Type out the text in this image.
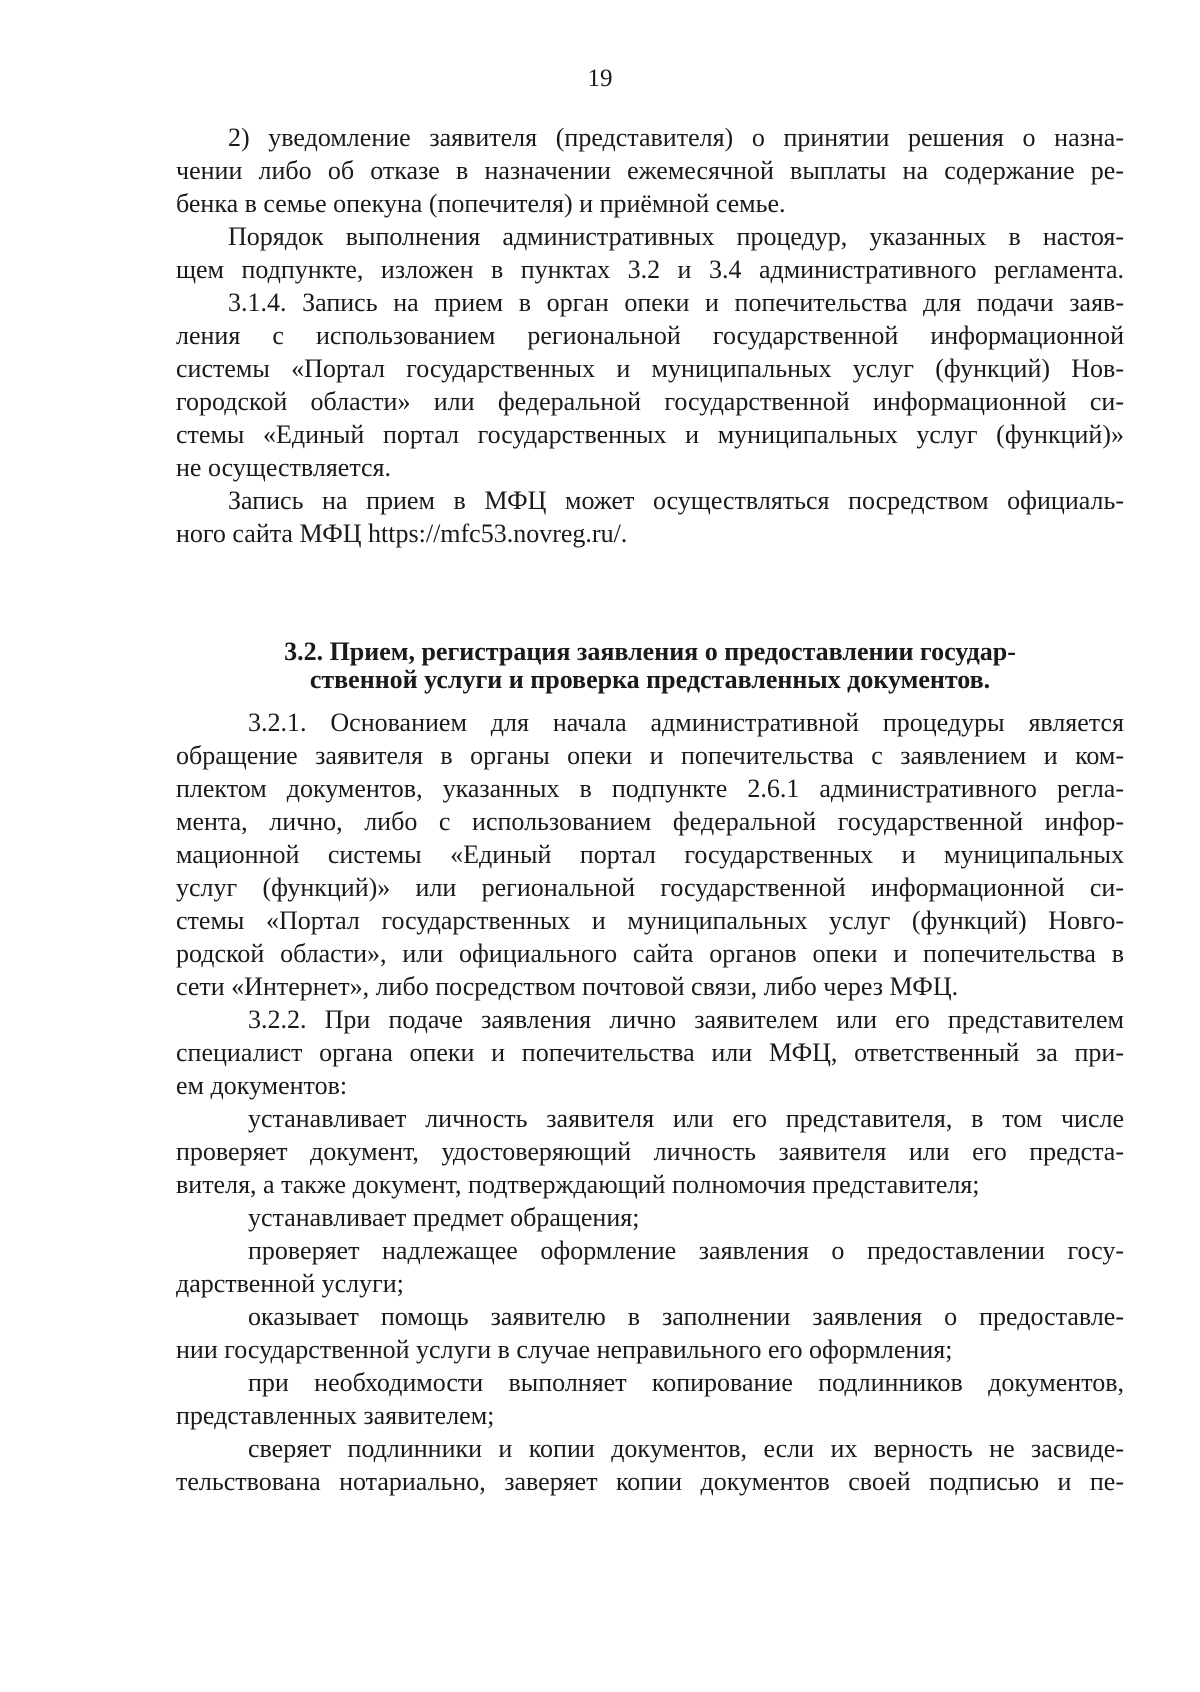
19
2) уведомление заявителя (представителя) о принятии решения о назна-
чении либо об отказе в назначении ежемесячной выплаты на содержание ре-
бенка в семье опекуна (попечителя) и приёмной семье.
Порядок выполнения административных процедур, указанных в настоя-
щем подпункте, изложен в пунктах 3.2 и 3.4 административного регламента.
3.1.4. Запись на прием в орган опеки и попечительства для подачи заяв-
ления с использованием региональной государственной информационной
системы «Портал государственных и муниципальных услуг (функций) Нов-
городской области» или федеральной государственной информационной си-
стемы «Единый портал государственных и муниципальных услуг (функций)»
не осуществляется.
Запись на прием в МФЦ может осуществляться посредством официаль-
ного сайта МФЦ https://mfc53.novreg.ru/.
3.2. Прием, регистрация заявления о предоставлении государ-
ственной услуги и проверка представленных документов.
3.2.1. Основанием для начала административной процедуры является
обращение заявителя в органы опеки и попечительства с заявлением и ком-
плектом документов, указанных в подпункте 2.6.1 административного регла-
мента, лично, либо с использованием федеральной государственной инфор-
мационной системы «Единый портал государственных и муниципальных
услуг (функций)» или региональной государственной информационной си-
стемы «Портал государственных и муниципальных услуг (функций) Новго-
родской области», или официального сайта органов опеки и попечительства в
сети «Интернет», либо посредством почтовой связи, либо через МФЦ.
3.2.2. При подаче заявления лично заявителем или его представителем
специалист органа опеки и попечительства или МФЦ, ответственный за при-
ем документов:
устанавливает личность заявителя или его представителя, в том числе
проверяет документ, удостоверяющий личность заявителя или его предста-
вителя, а также документ, подтверждающий полномочия представителя;
устанавливает предмет обращения;
проверяет надлежащее оформление заявления о предоставлении госу-
дарственной услуги;
оказывает помощь заявителю в заполнении заявления о предоставле-
нии государственной услуги в случае неправильного его оформления;
при необходимости выполняет копирование подлинников документов,
представленных заявителем;
сверяет подлинники и копии документов, если их верность не засвиде-
тельствована нотариально, заверяет копии документов своей подписью и пе-
